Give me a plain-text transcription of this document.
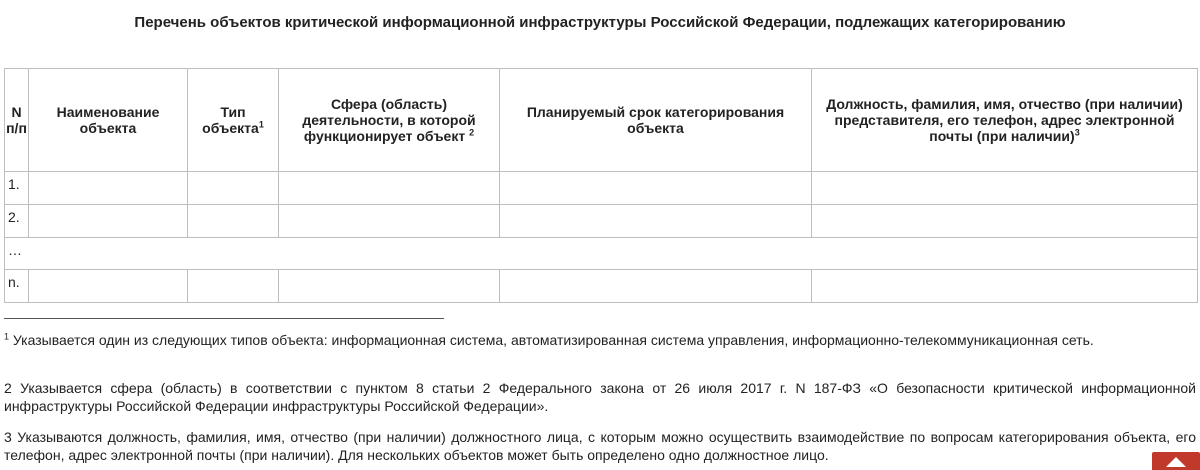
Перечень объектов критической информационной инфраструктуры Российской Федерации, подлежащих категорированию
N п/п	Наименование объекта	Тип объекта$^1$	Сфера (область) деятельности, в которой функционирует объект $^2$	Планируемый срок категорирования объекта	Должность, фамилия, имя, отчество (при наличии) представителя, его телефон, адрес электронной почты (при наличии)$^3$
1.					
2.					
…					
n.					
$^1$ Указывается один из следующих типов объекта: информационная система, автоматизированная система управления, информационно-телекоммуникационная сеть.
2 Указывается сфера (область) в соответствии с пунктом 8 статьи 2 Федерального закона от 26 июля 2017 г. N 187-ФЗ «О безопасности критической информационной инфраструктуры Российской Федерации инфраструктуры Российской Федерации».
3 Указываются должность, фамилия, имя, отчество (при наличии) должностного лица, с которым можно осуществить взаимодействие по вопросам категорирования объекта, его телефон, адрес электронной почты (при наличии). Для нескольких объектов может быть определено одно должностное лицо.
